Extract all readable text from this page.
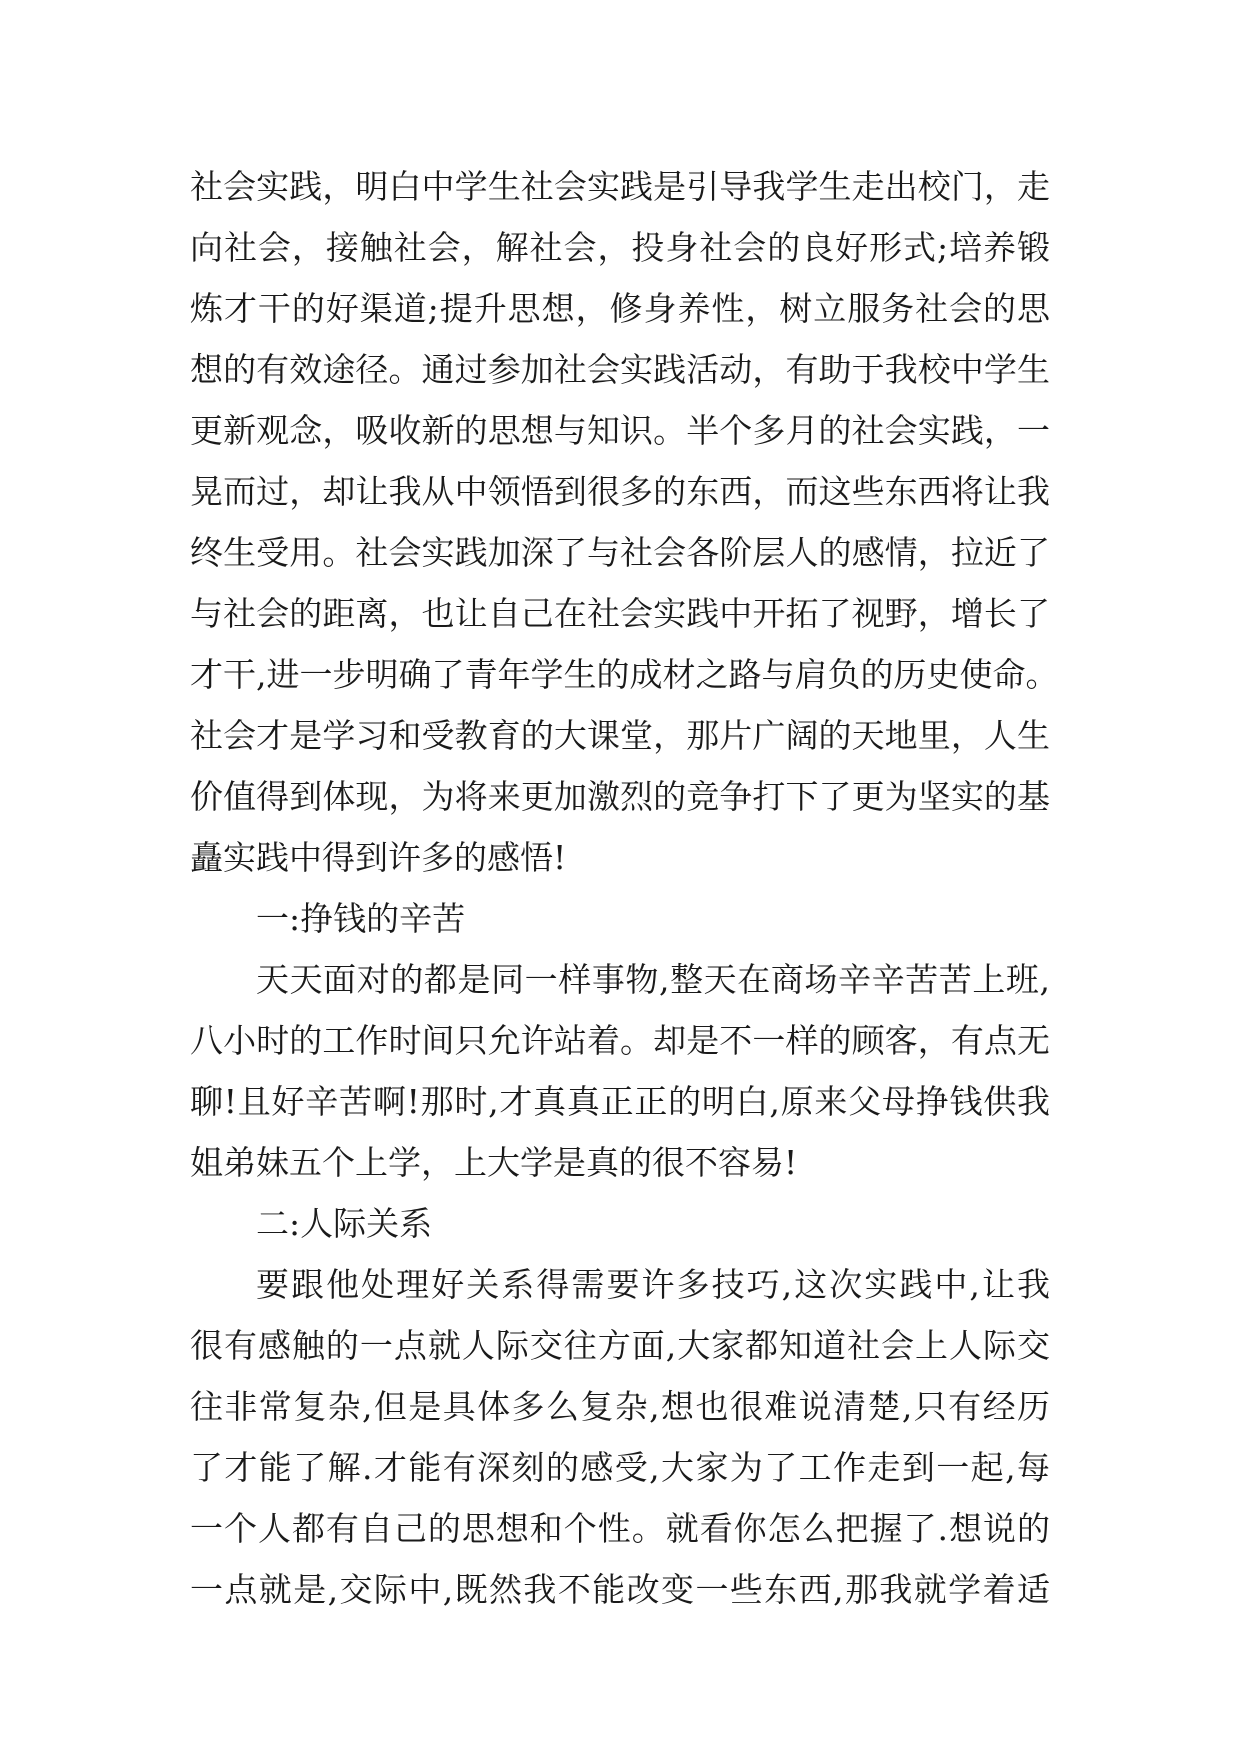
社会实践，明白中学生社会实践是引导我学生走出校门，走
向社会，接触社会，解社会，投身社会的良好形式;培养锻
炼才干的好渠道;提升思想，修身养性，树立服务社会的思
想的有效途径。通过参加社会实践活动，有助于我校中学生
更新观念，吸收新的思想与知识。半个多月的社会实践，一
晃而过，却让我从中领悟到很多的东西，而这些东西将让我
终生受用。社会实践加深了与社会各阶层人的感情，拉近了
与社会的距离，也让自己在社会实践中开拓了视野，增长了
才干,进一步明确了青年学生的成材之路与肩负的历史使命。
社会才是学习和受教育的大课堂，那片广阔的天地里，人生
价值得到体现，为将来更加激烈的竞争打下了更为坚实的基
矗实践中得到许多的感悟!
一:挣钱的辛苦
天天面对的都是同一样事物,整天在商场辛辛苦苦上班,
八小时的工作时间只允许站着。却是不一样的顾客，有点无
聊!且好辛苦啊!那时,才真真正正的明白,原来父母挣钱供我
姐弟妹五个上学，上大学是真的很不容易!
二:人际关系
要跟他处理好关系得需要许多技巧,这次实践中,让我
很有感触的一点就人际交往方面,大家都知道社会上人际交
往非常复杂,但是具体多么复杂,想也很难说清楚,只有经历
了才能了解.才能有深刻的感受,大家为了工作走到一起,每
一个人都有自己的思想和个性。就看你怎么把握了.想说的
一点就是,交际中,既然我不能改变一些东西,那我就学着适
